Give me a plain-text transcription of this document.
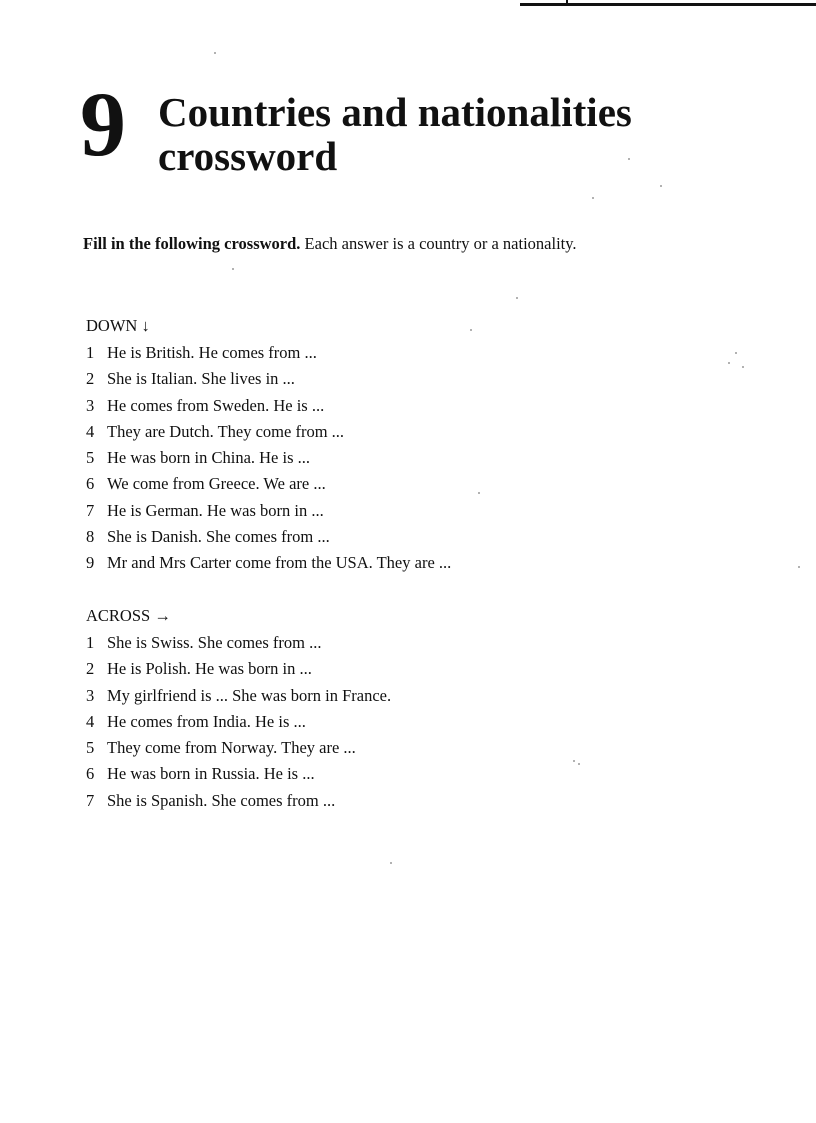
9 Countries and nationalities crossword

Fill in the following crossword. Each answer is a country or a nationality.

DOWN ↓
1 He is British. He comes from ...
2 She is Italian. She lives in ...
3 He comes from Sweden. He is ...
4 They are Dutch. They come from ...
5 He was born in China. He is ...
6 We come from Greece. We are ...
7 He is German. He was born in ...
8 She is Danish. She comes from ...
9 Mr and Mrs Carter come from the USA. They are ...
ACROSS →
1 She is Swiss. She comes from ...
2 He is Polish. He was born in ...
3 My girlfriend is ... She was born in France.
4 He comes from India. He is ...
5 They come from Norway. They are ...
6 He was born in Russia. He is ...
7 She is Spanish. She comes from ...
